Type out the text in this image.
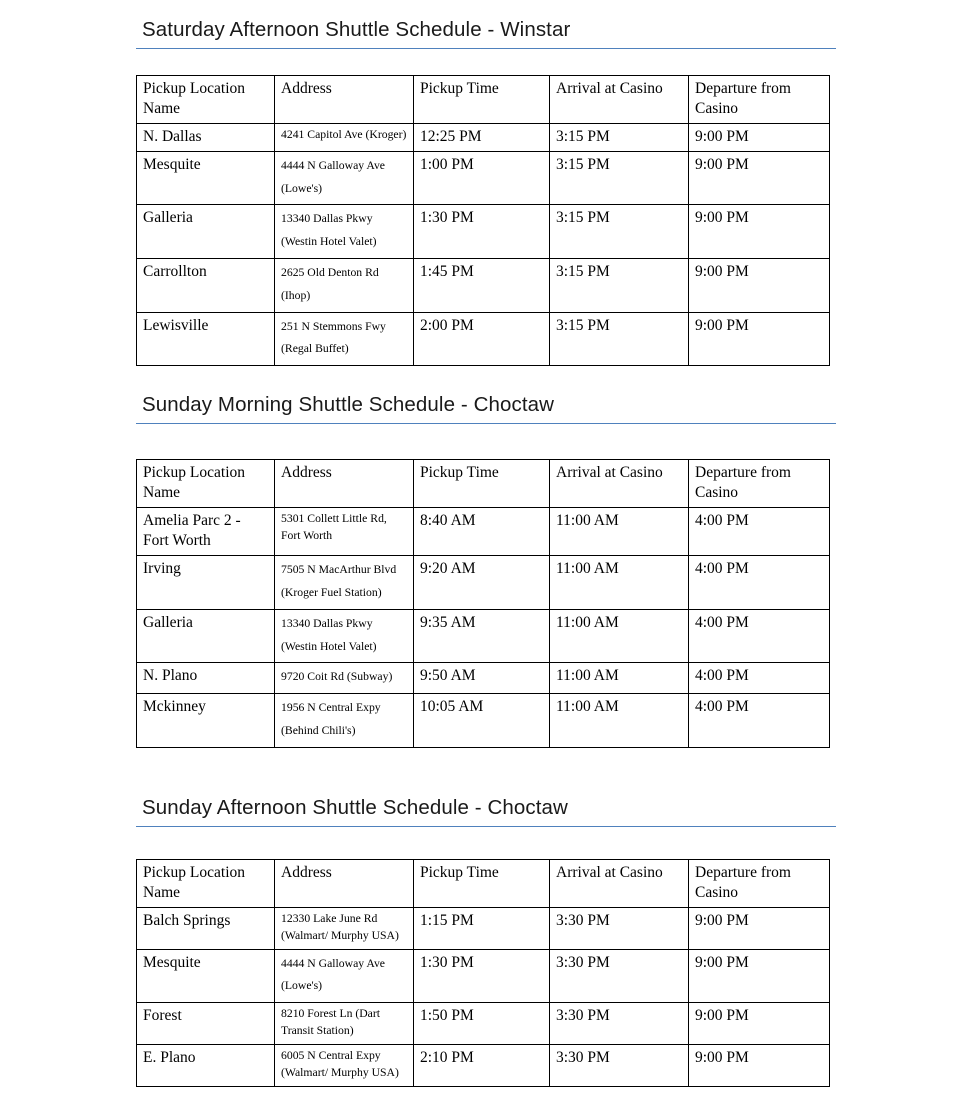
Saturday Afternoon Shuttle Schedule - Winstar
Pickup Location Name	Address	Pickup Time	Arrival at Casino	Departure from Casino
N. Dallas	4241 Capitol Ave (Kroger)	12:25 PM	3:15 PM	9:00 PM
Mesquite	4444 N Galloway Ave (Lowe's)	1:00 PM	3:15 PM	9:00 PM
Galleria	13340 Dallas Pkwy (Westin Hotel Valet)	1:30 PM	3:15 PM	9:00 PM
Carrollton	2625 Old Denton Rd (Ihop)	1:45 PM	3:15 PM	9:00 PM
Lewisville	251 N Stemmons Fwy (Regal Buffet)	2:00 PM	3:15 PM	9:00 PM
Sunday Morning Shuttle Schedule - Choctaw
Pickup Location Name	Address	Pickup Time	Arrival at Casino	Departure from Casino
Amelia Parc 2 - Fort Worth	5301 Collett Little Rd, Fort Worth	8:40 AM	11:00 AM	4:00 PM
Irving	7505 N MacArthur Blvd (Kroger Fuel Station)	9:20 AM	11:00 AM	4:00 PM
Galleria	13340 Dallas Pkwy (Westin Hotel Valet)	9:35 AM	11:00 AM	4:00 PM
N. Plano	9720 Coit Rd (Subway)	9:50 AM	11:00 AM	4:00 PM
Mckinney	1956 N Central Expy (Behind Chili's)	10:05 AM	11:00 AM	4:00 PM
Sunday Afternoon Shuttle Schedule - Choctaw
Pickup Location Name	Address	Pickup Time	Arrival at Casino	Departure from Casino
Balch Springs	12330 Lake June Rd (Walmart/ Murphy USA)	1:15 PM	3:30 PM	9:00 PM
Mesquite	4444 N Galloway Ave (Lowe's)	1:30 PM	3:30 PM	9:00 PM
Forest	8210 Forest Ln (Dart Transit Station)	1:50 PM	3:30 PM	9:00 PM
E. Plano	6005 N Central Expy (Walmart/ Murphy USA)	2:10 PM	3:30 PM	9:00 PM
